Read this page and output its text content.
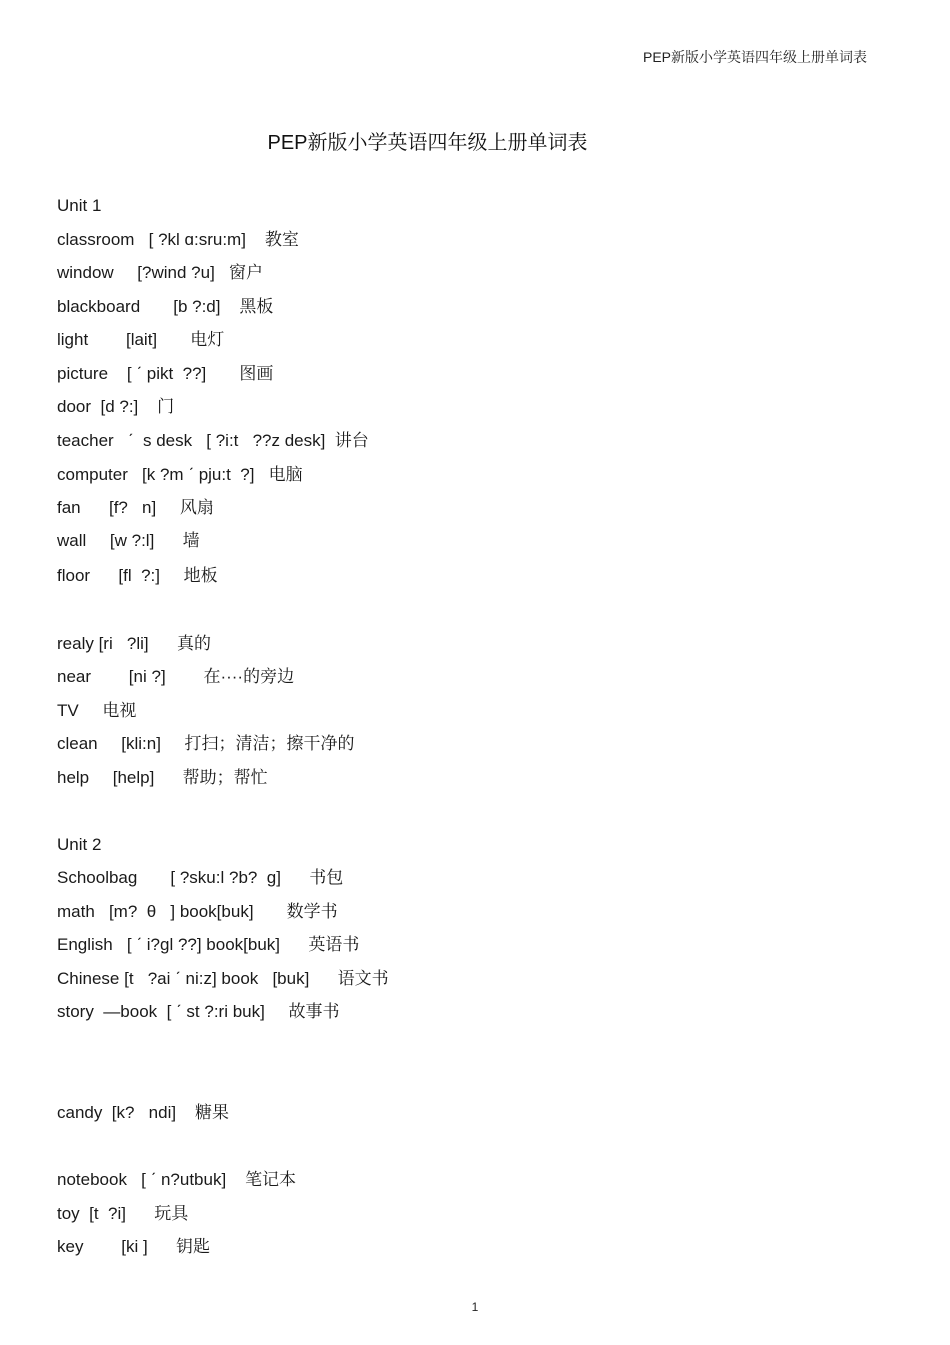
PEP新版小学英语四年级上册单词表
PEP新版小学英语四年级上册单词表
Unit 1
classroom   [ ?kl ɑ:sru:m]    教室
window     [?wind ?u]   窗户
blackboard       [b ?:d]    黑板
light        [lait]       电灯
picture    [ ˊ pikt  ??]       图画
door  [d ?:]    门
teacher   ˊ  s desk   [ ?i:t   ??z desk]  讲台
computer   [k ?m ˊ pju:t  ?]   电脑
fan      [f?   n]     风扇
wall     [w ?:l]      墙
floor      [fl  ?:]     地板
realy [ri   ?li]      真的
near        [ni ?]        在····的旁边
TV     电视
clean     [kli:n]     打扫；清洁；擦干净的
help     [help]      帮助；帮忙
Unit 2
Schoolbag       [ ?sku:l ?b?  g]      书包
math   [m?  θ   ] book[buk]       数学书
English   [ ˊ i?gl ??] book[buk]      英语书
Chinese [t   ?ai ˊ ni:z] book   [buk]      语文书
story  —book  [ ˊ st ?:ri buk]     故事书
candy  [k?   ndi]    糖果
notebook   [ ˊ n?utbuk]    笔记本
toy  [t  ?i]      玩具
key        [ki ]      钥匙
1
